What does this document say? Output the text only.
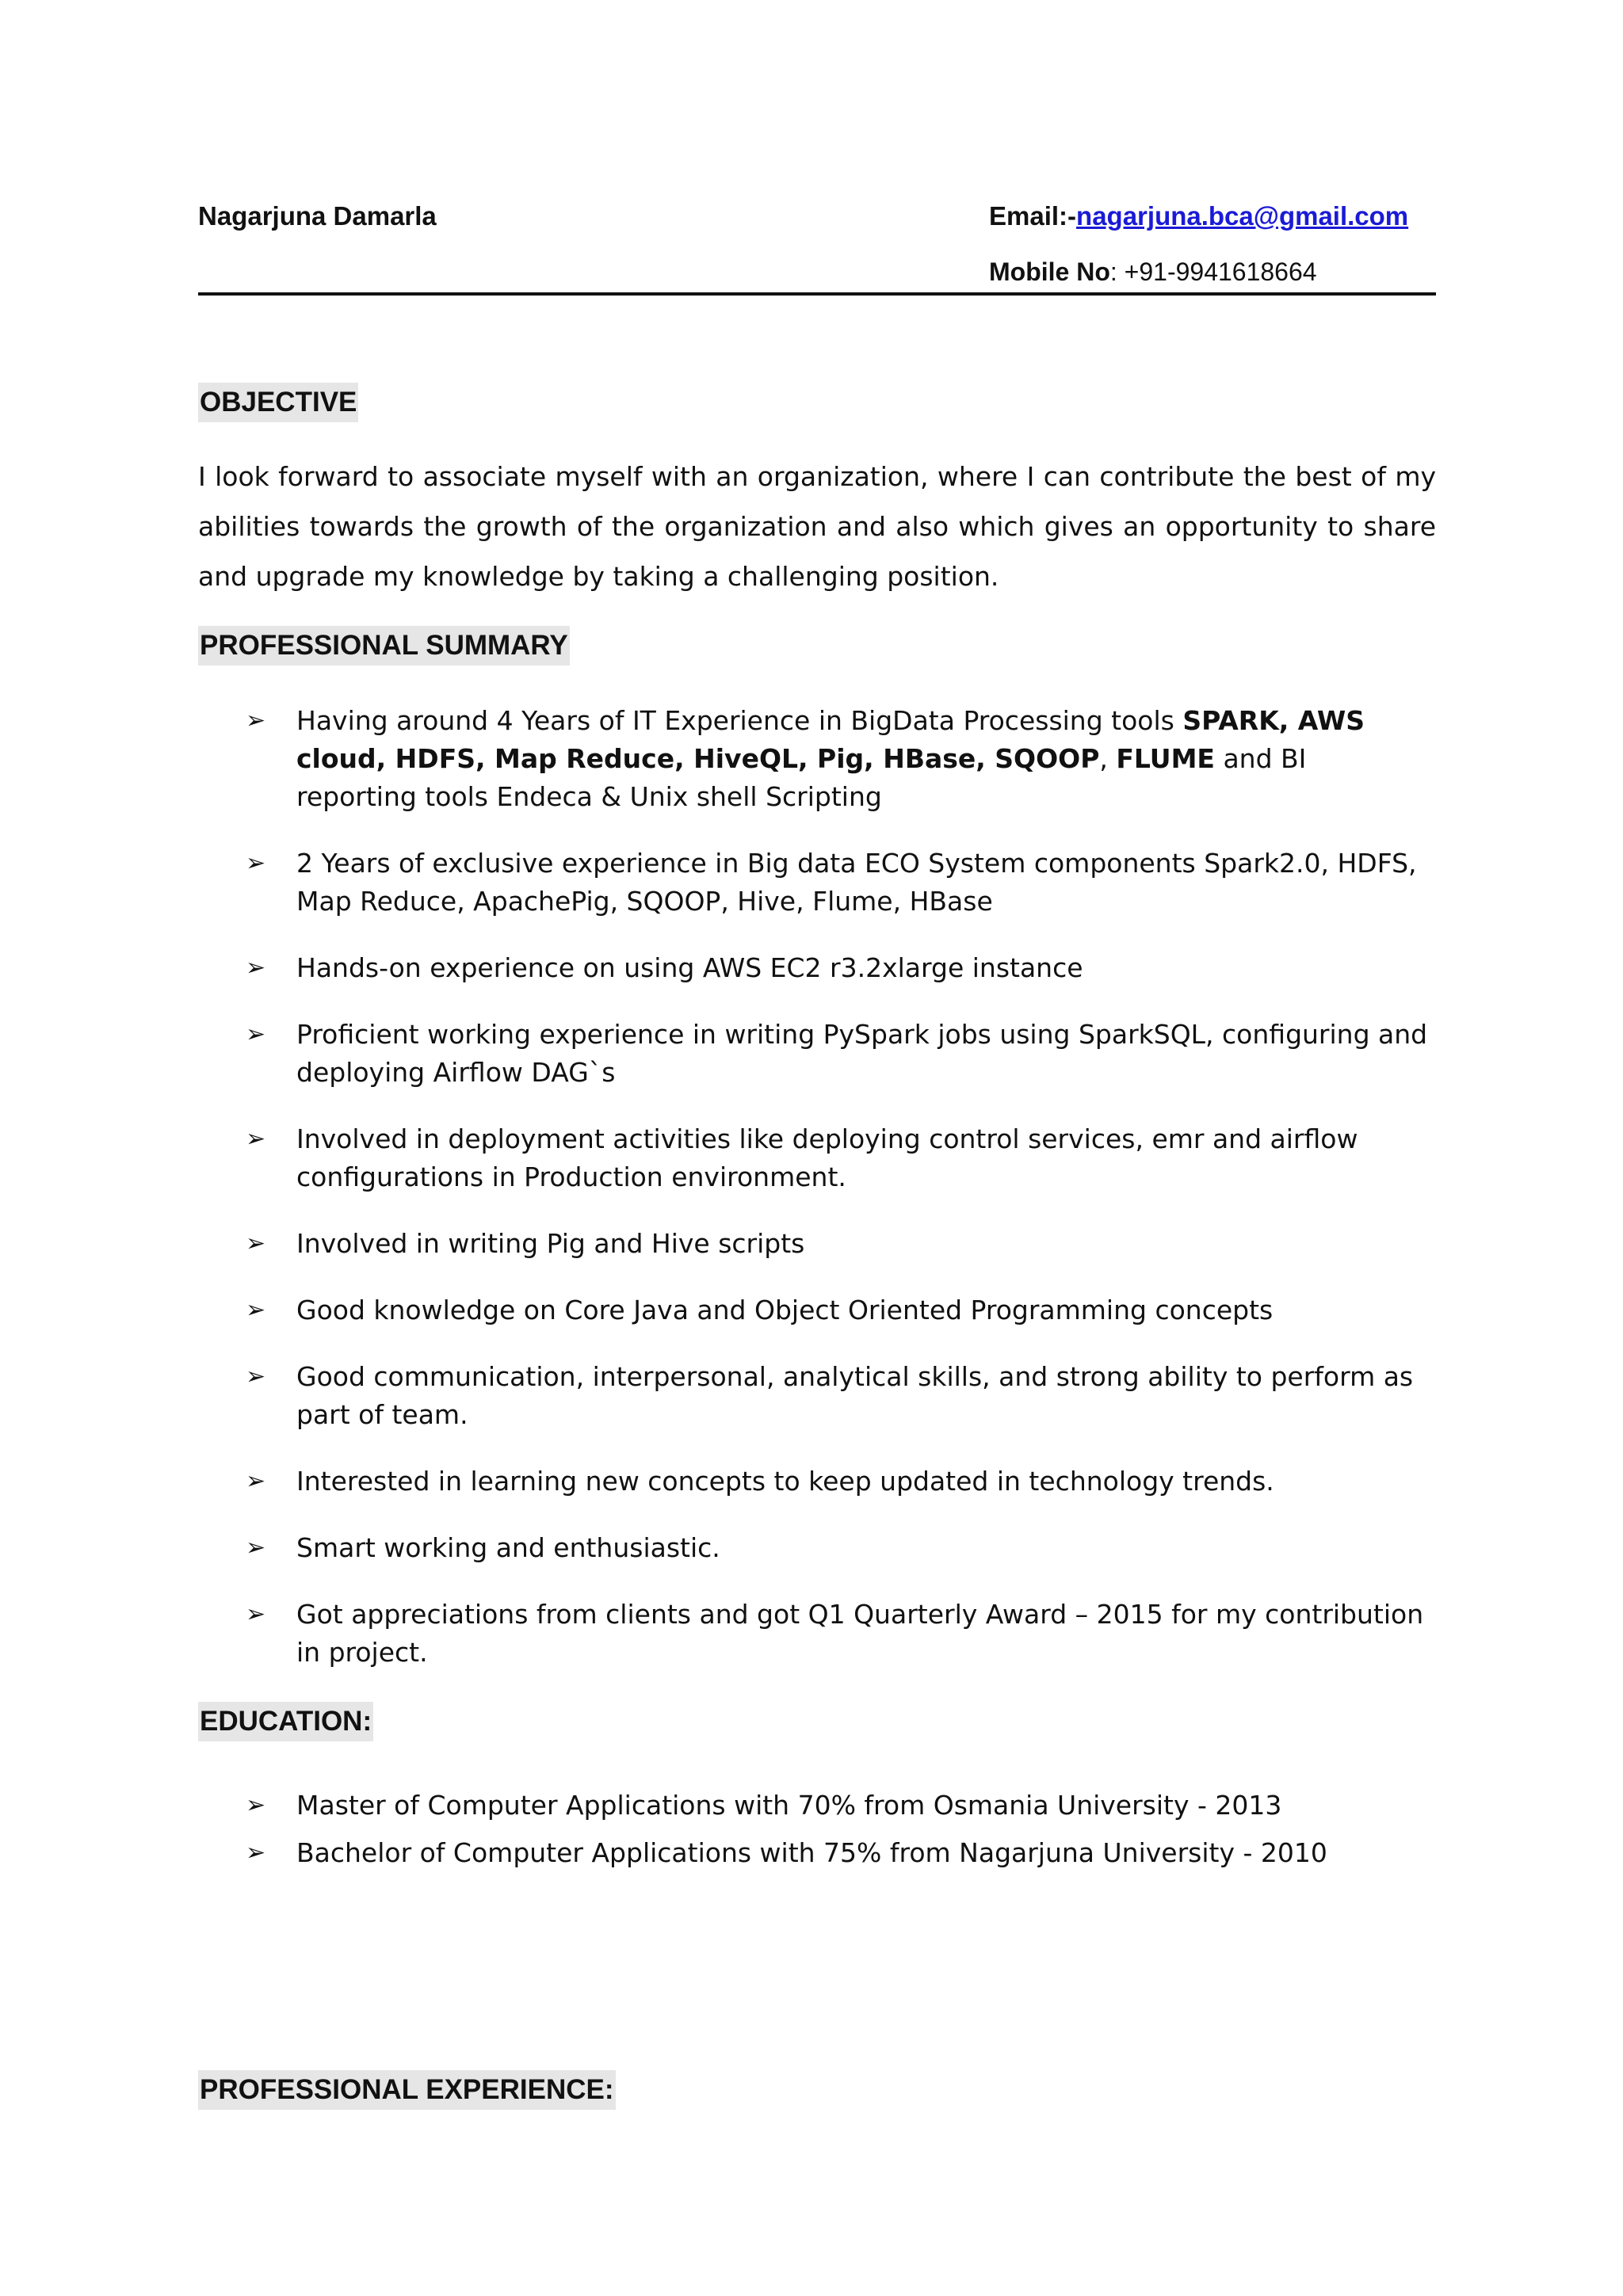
Nagarjuna Damarla	Email:-nagarjuna.bca@gmail.com
Mobile No: +91-9941618664
OBJECTIVE
I look forward to associate myself with an organization, where I can contribute the best of my abilities towards the growth of the organization and also which gives an opportunity to share and upgrade my knowledge by taking a challenging position.
PROFESSIONAL SUMMARY
➢	Having around 4 Years of IT Experience in BigData Processing tools SPARK, AWS cloud, HDFS, Map Reduce, HiveQL, Pig, HBase, SQOOP, FLUME and BI reporting tools Endeca & Unix shell Scripting
➢	2 Years of exclusive experience in Big data ECO System components Spark2.0, HDFS, Map Reduce, ApachePig, SQOOP, Hive, Flume, HBase
➢	Hands-on experience on using AWS EC2 r3.2xlarge instance
➢	Proficient working experience in writing PySpark jobs using SparkSQL, configuring and deploying Airflow DAG`s
➢	Involved in deployment activities like deploying control services, emr and airflow configurations in Production environment.
➢	Involved in writing Pig and Hive scripts
➢	Good knowledge on Core Java and Object Oriented Programming concepts
➢	Good communication, interpersonal, analytical skills, and strong ability to perform as part of team.
➢	Interested in learning new concepts to keep updated in technology trends.
➢	Smart working and enthusiastic.
➢	Got appreciations from clients and got Q1 Quarterly Award – 2015 for my contribution in project.
EDUCATION:
➢	Master of Computer Applications with 70% from Osmania University - 2013
➢	Bachelor of Computer Applications with 75% from Nagarjuna University - 2010
PROFESSIONAL EXPERIENCE:
